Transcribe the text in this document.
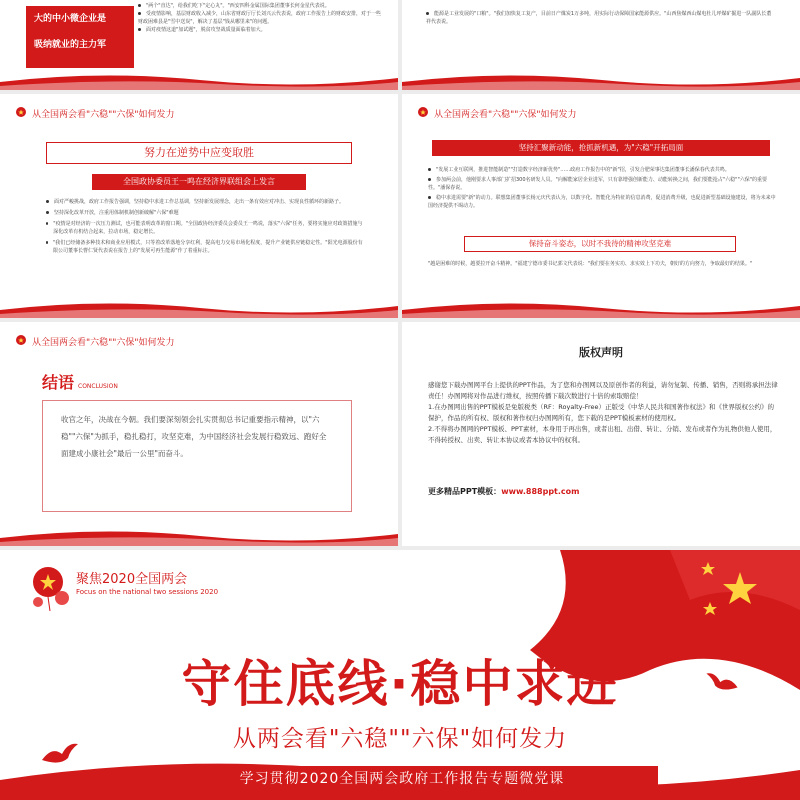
大的中小微企业是
吸纳就业的主力军
"两个"直达"，给我们吃下"定心丸"。"西安四科金属国际集团董事长何金星代表说。
受疫情影响，基层财政收入减少，山东省财政厅厅长刘兴云代表说，政府工作报告上的财政安排，对于一些财政困难县是"雪中送炭"，解决了基层"钱从哪里来"的问题。
面对疫情这道"加试题"，脱贫攻坚战质量面临着加大。
能源是工业发展的"口粮"。"我们加快复工复产，目前日产煤炭1万多吨，用实际行动保障国家能源供应。"山西焦煤西山煤电杜儿坪煤矿掘进一队副队长董祥代表说。
从全国两会看"六稳""六保"如何发力
努力在逆势中应变取胜
全国政协委员王一鸣在经济界联组会上发言
面对严峻挑战，政府工作报告强调，坚持稳中求进工作总基调，坚持新发展理念，走出一条有效应对冲击、实现良性循环的新路子。
坚持深化改革开放，注重用体制机制创新破解"六保"难题
"疫情是对经济的一次压力测试，也可能表明改革的窗口期。"全国政协经济委员会委员王一鸣说，落实"六保"任务，要将实施应对政策措施与深化改革有机结合起来，拉动市场，稳定增长。
"我们已经储备多种技术和商业应用模式，只等着改革落地分享红利，提高电力交易市场化程度，提升产业链供应链稳定性。"阳光电源股份有限公司董事长曹仁贤代表说在报告上的"发展可再生能源"作了着重标注。
从全国两会看"六稳""六保"如何发力
坚持汇聚新动能，抢抓新机遇，为"六稳"开拓局面
"发展工业互联网，推进智能制造""打造数字经济新优势"……政府工作报告中的"新"招，引发合肥荣事达集团董事长潘保春代表共鸣。
参加两会前，他刚要求人事部门扩招300名研发人员。"向解能家居企业进军，只有靠增强创新能力、动能转换之间，我们要能抢占"六稳""六保"的重要性。"潘保春说。
稳中求进需要"新"的动力。联想集团董事长杨元庆代表认为，以数字化、智能化为特征的信息消费，促进消费升级，也促进新型基础设施建设，将为未来中国经济提供不竭动力。
保持奋斗姿态，以时不我待的精神攻坚克难
"越是困难的时候，越要拉开奋斗精神。"福建宁德市委书记郭文代表说："我们要在务实功、求实效上下功夫，朝好的方向努力，争取最好的结果。"
从全国两会看"六稳""六保"如何发力
结语 CONCLUSION
收官之年，决战在今朝。我们要深刻领会扎实贯彻总书记重要指示精神，以"六稳""六保"为抓手，稳扎稳打，攻坚克难，为中国经济社会发展行稳致远、跑好全面建成小康社会"最后一公里"而奋斗。
版权声明
感谢您下载办图网平台上提供的PPT作品，为了您和办图网以及原创作者的利益，请勿复制、传播、销售，否则将承担法律责任！办图网将对作品进行维权，按照传播下载次数进行十倍的索取赔偿！
1.在办图网出售的PPT模板是免版税类（RF：Royalty-Free）正版受《中华人民共和国著作权法》和《世界版权公约》的保护，作品的所有权、版权和著作权归办图网所有，您下载的是PPT模板素材的使用权。
2.不得将办图网的PPT模板、PPT素材，本身用于再出售，或者出租、出借、转让、分销、发布或者作为礼物供他人使用，不得转授权、出卖、转让本协议或者本协议中的权利。
更多精品PPT模板：www.888ppt.com
聚焦2020全国两会
Focus on the national two sessions 2020
守住底线·稳中求进
从两会看"六稳""六保"如何发力
学习贯彻2020全国两会政府工作报告专题微党课
